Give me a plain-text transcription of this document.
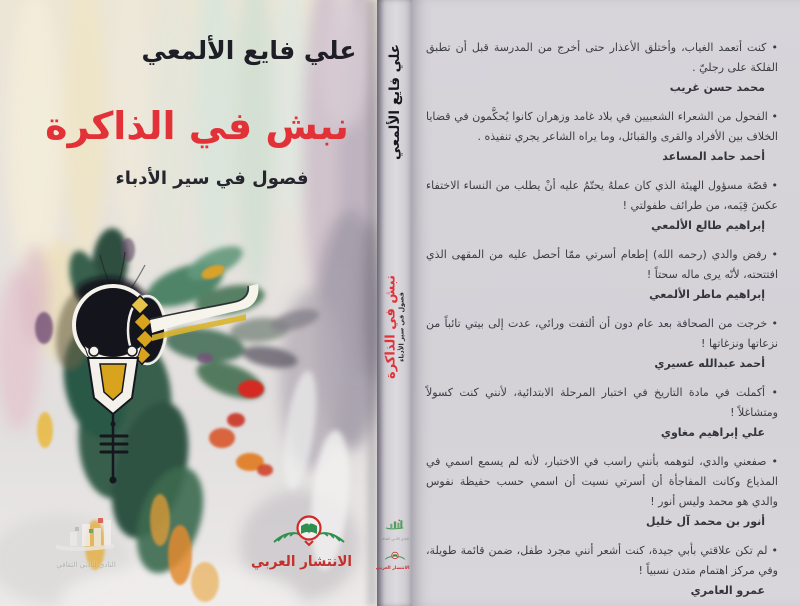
علي فايع الألمعي
نبش في الذاكرة
فصول في سير الأدباء
النادي الأدبي الثقافي	الانتشار العربي
علي فايع الألمعي
نبش في الذاكرة فصول في سير الأدباء
النادي الأدبي الثقافي
الانتشار العربي

• كنت أتعمد الغياب، وأختلق الأعذار حتى أخرج من المدرسة قبل أن تطبق الفلكة على رجليّ .

محمد حسن غريب

• الفحول من الشعراء الشعبيين في بلاد غامد وزهران كانوا يُحكَّمون في قضايا الخلاف بين الأفراد والقرى والقبائل، وما يراه الشاعر يجري تنفيذه .

أحمد حامد المساعد

• قصّة مسؤول الهيئة الذي كان عملهُ يحتّمُ عليه أنْ يطلب من النساء الاختفاء عكسَ قِيَمه، من طرائف طفولتي !

إبراهيم طالع الألمعي

• رفض والدي (رحمه الله) إطعام أسرتي ممّا أحصل عليه من المقهى الذي افتتحته، لأنّه يرى ماله سحتاً !

إبراهيم ماطر الألمعي

• خرجت من الصحافة بعد عام دون أن ألتفت ورائي، عدت إلى بيتي تائباً من نزعاتها ونزغاتها !

أحمد عبدالله عسيري

• أكملت في مادة التاريخ في اختبار المرحلة الابتدائية، لأنني كنت كسولاً ومتشاغلاً !

علي إبراهيم مغاوي

• صفعني والدي، لتوهمه بأنني راسب في الاختبار، لأنه لم يسمع اسمي في المذياع وكانت المفاجأة أن أسرتي نسيت أن اسمي حسب حفيظة نفوس والدي هو محمد وليس أنور !

أنور بن محمد آل خليل

• لم تكن علاقتي بأبي جيدة، كنت أشعر أنني مجرد طفل، ضمن قائمة طويلة، وفي مركز اهتمام متدن نسبياً !

عمرو العامري
